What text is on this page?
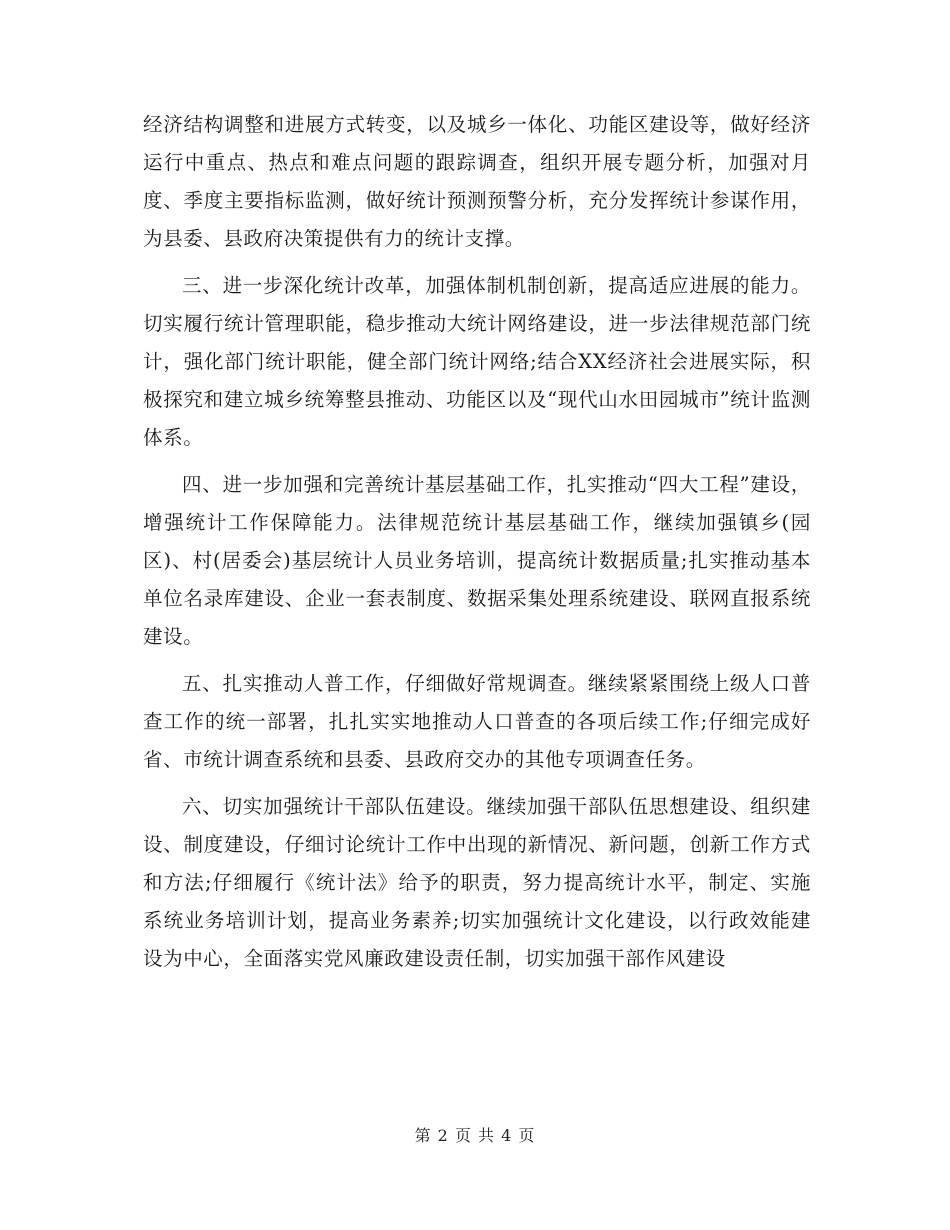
经济结构调整和进展方式转变，以及城乡一体化、功能区建设等，做好经济运行中重点、热点和难点问题的跟踪调查，组织开展专题分析，加强对月度、季度主要指标监测，做好统计预测预警分析，充分发挥统计参谋作用，为县委、县政府决策提供有力的统计支撑。

三、进一步深化统计改革，加强体制机制创新，提高适应进展的能力。切实履行统计管理职能，稳步推动大统计网络建设，进一步法律规范部门统计，强化部门统计职能，健全部门统计网络;结合XX经济社会进展实际，积极探究和建立城乡统筹整县推动、功能区以及“现代山水田园城市”统计监测体系。

四、进一步加强和完善统计基层基础工作，扎实推动“四大工程”建设，增强统计工作保障能力。法律规范统计基层基础工作，继续加强镇乡(园区)、村(居委会)基层统计人员业务培训，提高统计数据质量;扎实推动基本单位名录库建设、企业一套表制度、数据采集处理系统建设、联网直报系统建设。

五、扎实推动人普工作，仔细做好常规调查。继续紧紧围绕上级人口普查工作的统一部署，扎扎实实地推动人口普查的各项后续工作;仔细完成好省、市统计调查系统和县委、县政府交办的其他专项调查任务。

六、切实加强统计干部队伍建设。继续加强干部队伍思想建设、组织建设、制度建设，仔细讨论统计工作中出现的新情况、新问题，创新工作方式和方法;仔细履行《统计法》给予的职责，努力提高统计水平，制定、实施系统业务培训计划，提高业务素养;切实加强统计文化建设，以行政效能建设为中心，全面落实党风廉政建设责任制，切实加强干部作风建设

第 2 页 共 4 页
